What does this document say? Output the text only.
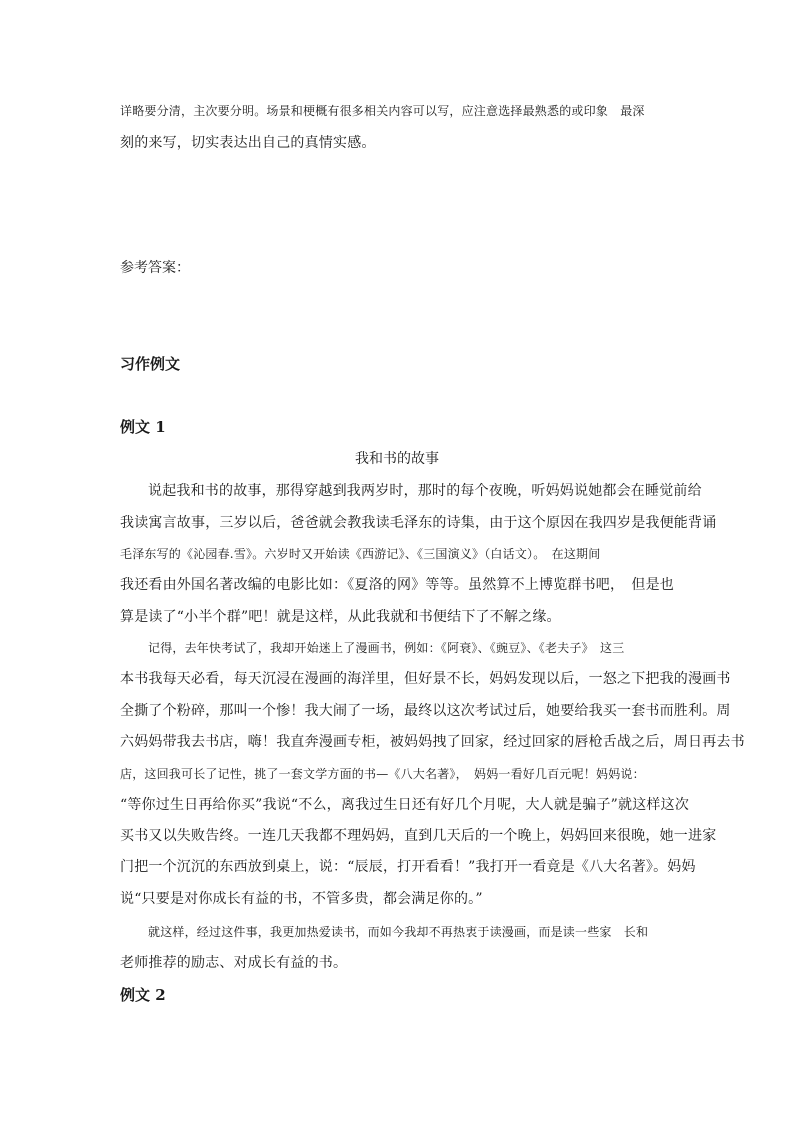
详略要分清，主次要分明。场景和梗概有很多相关内容可以写，应注意选择最熟悉的或印象　最深
刻的来写，切实表达出自己的真情实感。
参考答案：
习作例文
例文 1
我和书的故事
说起我和书的故事，那得穿越到我两岁时，那时的每个夜晚，听妈妈说她都会在睡觉前给
我读寓言故事，三岁以后，爸爸就会教我读毛泽东的诗集，由于这个原因在我四岁是我便能背诵
毛泽东写的《沁园春.雪》。六岁时又开始读《西游记》、《三国演义》（白话文）。　在这期间
我还看由外国名著改编的电影比如：《夏洛的网》等等。虽然算不上博览群书吧，　但是也
算是读了“小半个群”吧！就是这样，从此我就和书便结下了不解之缘。
记得，去年快考试了，我却开始迷上了漫画书，例如：《阿衰》、《豌豆》、《老夫子》　这三
本书我每天必看，每天沉浸在漫画的海洋里，但好景不长，妈妈发现以后，一怒之下把我的漫画书
全撕了个粉碎，那叫一个惨！我大闹了一场，最终以这次考试过后，她要给我买一套书而胜利。周
六妈妈带我去书店，嗨！我直奔漫画专柜，被妈妈拽了回家，经过回家的唇枪舌战之后，周日再去书
店，这回我可长了记性，挑了一套文学方面的书—《八大名著》，　妈妈一看好几百元呢！妈妈说：
“等你过生日再给你买”我说“不么，离我过生日还有好几个月呢，大人就是骗子”就这样这次
买书又以失败告终。一连几天我都不理妈妈，直到几天后的一个晚上，妈妈回来很晚，她一进家
门把一个沉沉的东西放到桌上，说：“辰辰，打开看看！”我打开一看竟是《八大名著》。妈妈
说“只要是对你成长有益的书，不管多贵，都会满足你的。”
就这样，经过这件事，我更加热爱读书，而如今我却不再热衷于读漫画，而是读一些家　长和
老师推荐的励志、对成长有益的书。
例文 2
